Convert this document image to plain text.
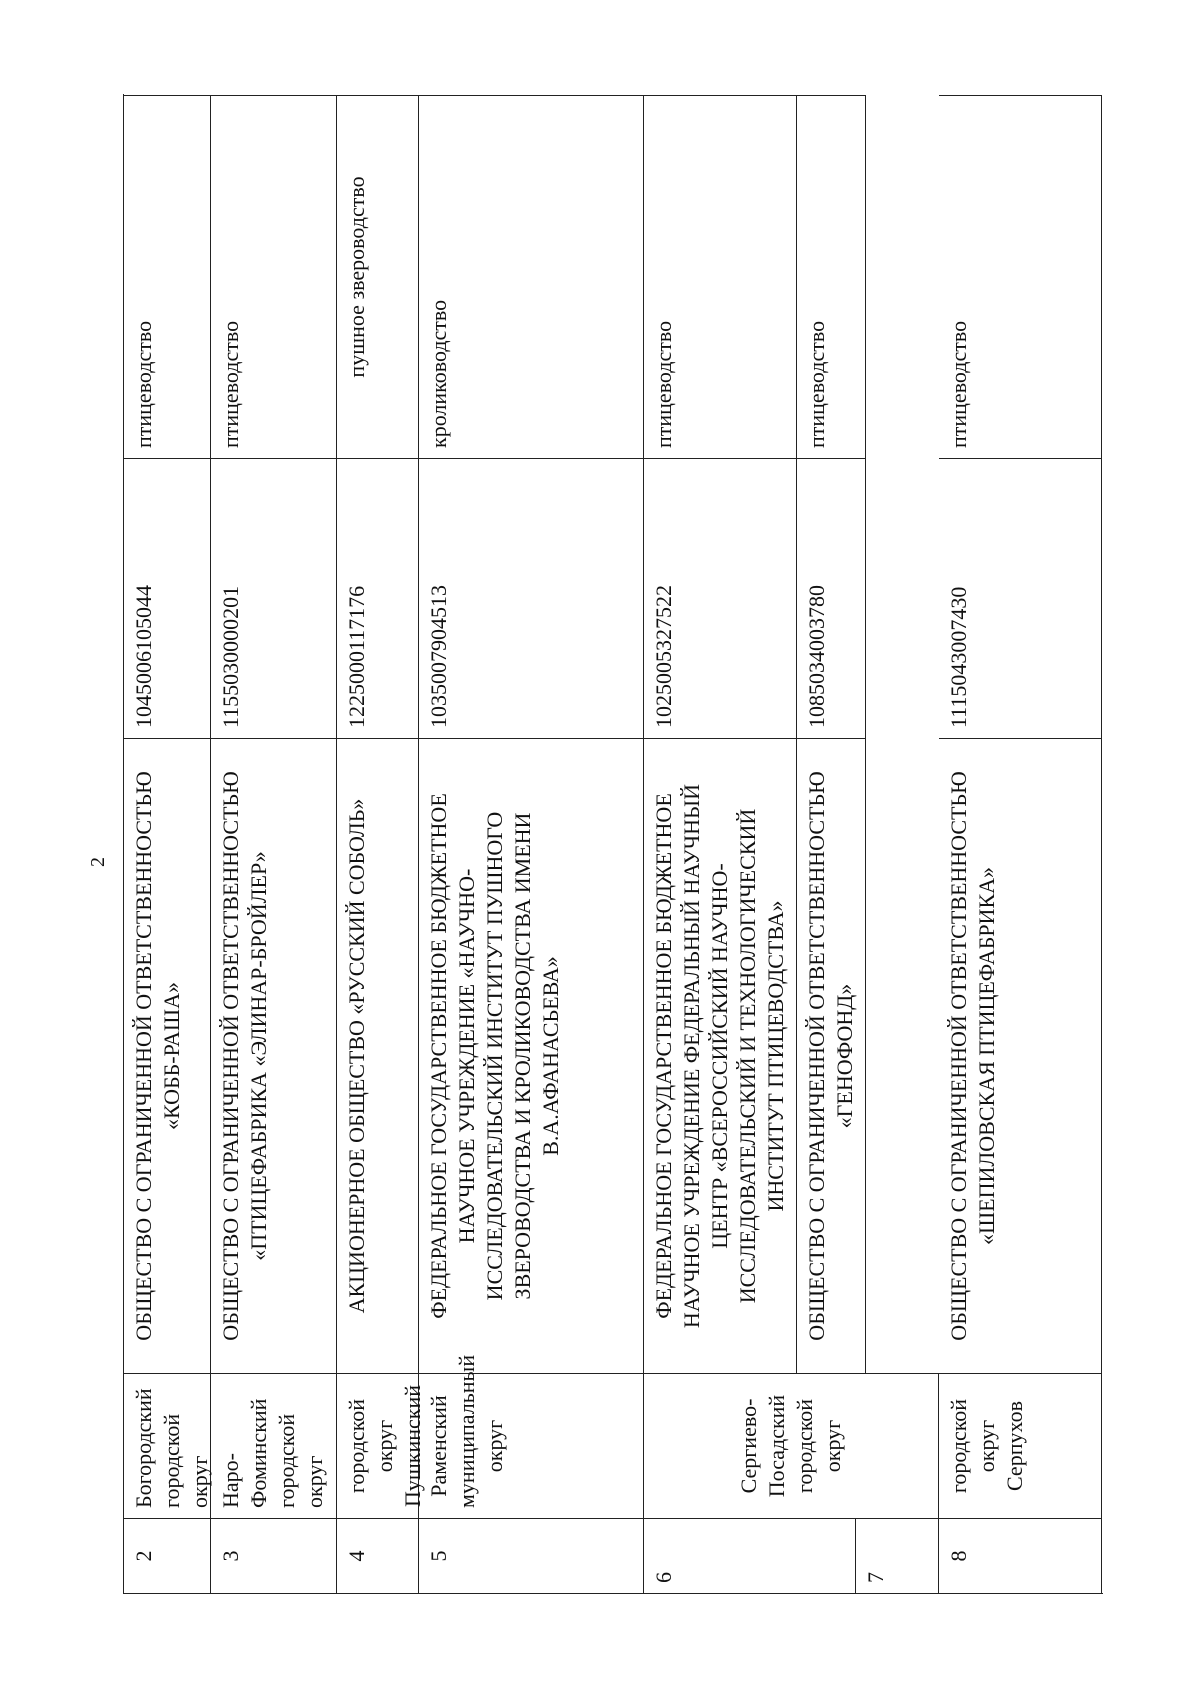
2
2
Богородский городской округ
ОБЩЕСТВО С ОГРАНИЧЕННОЙ ОТВЕТСТВЕННОСТЬЮ «КОББ-РАША»
1045006105044
птицеводство
3
Наро-Фоминский городской округ
ОБЩЕСТВО С ОГРАНИЧЕННОЙ ОТВЕТСТВЕННОСТЬЮ «ПТИЦЕФАБРИКА «ЭЛИНАР-БРОЙЛЕР»
1155030000201
птицеводство
4
городской округ Пушкинский
АКЦИОНЕРНОЕ ОБЩЕСТВО «РУССКИЙ СОБОЛЬ»
1225000117176
пушное звероводство
5
Раменский муниципальный округ
ФЕДЕРАЛЬНОЕ ГОСУДАРСТВЕННОЕ БЮДЖЕТНОЕ НАУЧНОЕ УЧРЕЖДЕНИЕ «НАУЧНО-ИССЛЕДОВАТЕЛЬСКИЙ ИНСТИТУТ ПУШНОГО ЗВЕРОВОДСТВА И КРОЛИКОВОДСТВА ИМЕНИ В.А.АФАНАСЬЕВА»
1035007904513
кролиководство
6	7
Сергиево-Посадский городской округ
ФЕДЕРАЛЬНОЕ ГОСУДАРСТВЕННОЕ БЮДЖЕТНОЕ НАУЧНОЕ УЧРЕЖДЕНИЕ ФЕДЕРАЛЬНЫЙ НАУЧНЫЙ ЦЕНТР «ВСЕРОССИЙСКИЙ НАУЧНО-ИССЛЕДОВАТЕЛЬСКИЙ И ТЕХНОЛОГИЧЕСКИЙ ИНСТИТУТ ПТИЦЕВОДСТВА»
1025005327522
птицеводство
ОБЩЕСТВО С ОГРАНИЧЕННОЙ ОТВЕТСТВЕННОСТЬЮ «ГЕНОФОНД»
1085034003780
птицеводство
8
городской округ Серпухов
ОБЩЕСТВО С ОГРАНИЧЕННОЙ ОТВЕТСТВЕННОСТЬЮ «ШЕПИЛОВСКАЯ ПТИЦЕФАБРИКА»
1115043007430
птицеводство
